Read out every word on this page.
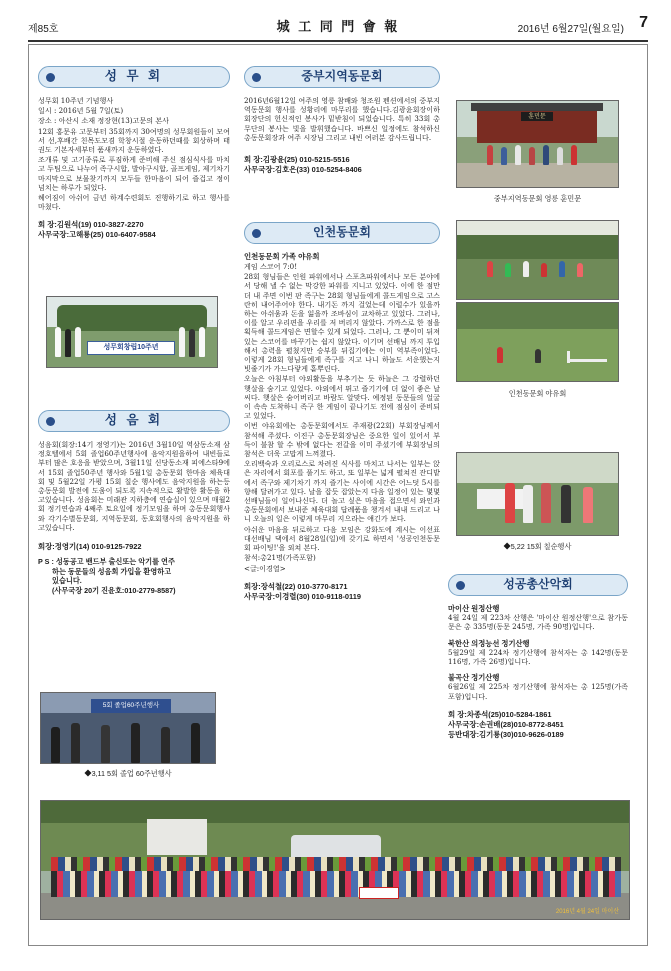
제85호	城 工 同 門 會 報	2016년 6월27일(월요일) 7
성 무 회

성무회 10주년 기념행사

일시 : 2016년 5월 7일(토)

장소 : 아산시 소재 정장현(13)고문의 본사

12회 홍문유 고문부터 35회까지 30여명의 성무회원들이 모여서 선,후배간 친목도모겸 학창시절 운동하던때를 회상하며 태권도 기본자세부터 품새까지 운동하였다.

조개류 및 고기종류로 푸짐하게 준비해 주신 점심식사를 마치고 두팀으로 나누어 족구시합, 발야구시합, 골프게임, 제기차기 마지막으로 보물찾기까지 모두들 한마음이 되어 즐겁고 정이 넘치는 하루가 되었다.

헤어짐이 아쉬어 금년 하계수련회도 진행하기로 하고 행사를 마쳤다.

회 장:김원석(19) 010-3827-2270
사무국장:고해룡(25) 010-6407-9584
성무회창립10주년
성 음 회

성음회(회장:14기 정영기)는 2016년 3월10일 역삼동소재 삼정호텔에서 5회 졸업60주년행사에 음악지원을하여 내빈들로부터 많은 호응을 받았으며, 3월11일 신당동소재 피에스타9에서 15회 졸업50주년 행사와 5월1일 총동문회 한마음 체육대회 및 5월22일 가평 15회 칠순 행사에도 음악지원을 하는등 총동문회 발전에 도움이 되도록 지속적으로 활발한 활동을 하고있습니다. 성음회는 미래관 지하층에 연습실이 있으며 매월2회 정기연습과 4째주 토요일에 정기모임을 하며 총동문회행사와 각기수별동문회, 지역동문회, 동호회행사의 음악지원을 하고있습니다.

회장:정영기(14) 010-9125-7922
P S : 성동공고 밴드부 출신또는 악기를 연주
하는 동문들의 성음회 가입을 환영하고
있습니다.
(사무국장 20기 진윤호:010-2779-8587)
5회 졸업60주년행사
◆3,11 5회 졸업 60주년행사
중부지역동문회

2016년6월12일 여주의 영릉 참배와 청조원 펜션에서의 중부지역동문회 행사를 성황리에 마무리를 했습니다.김광윤회장이하 회장단의 헌신적인 봉사가 밑받침이 되었습니다. 특히 33회 총무단의 봉사는 빛을 발휘했습니다. 바쁘신 일정에도 참석하신 총동문회장과 여주 시장님 그리고 내빈 여러분 감사드립니다.

회 장:김광윤(25) 010-5215-5516
사무국장:김호은(33) 010-5254-8406
인천동문회
인천동문회 가족 야유회

게임 스코어 7:0!

28회 형님들은 인원 파워에서나 스포츠파워에서나 모든 분야에서 당해 낼 수 없는 막강한 파워를 지니고 있었다. 이에 한 점만 더 내 주면 이번 판 족구는 28회 형님들에게 콜드게임으로 고스란히 내어주어야 한다. 내기돈 까지 걸었는데 이럴수가 있을까 하는 아쉬움과 돈을 잃을까 조바심이 교차하고 있었다. 그러나, 이를 알고 우리편을 우리를 저 버리지 않았다. 가까스로 한 점을 획득해 콜드게임은 면할수 있게 되었다. 그러나, 그 뿐이미 뒤져 있는 스코어를 바꾸기는 쉽지 않았다. 이기며 선배님 까지 투입해서 총력을 펼쳤지만 승부를 뒤집기에는 이미 역부족이었다. 이렇게 28회 형님들에게 족구를 지고 나니 하늘도 서운했는지 빗줄기가 가느다랗게 흩뿌린다.

오늘은 아침부터 야외활동을 부추기는 듯 하늘은 그 강렬하던 햇살을 숨기고 있었다. 야외에서 뛰고 즐기기에 더 없이 좋은 날씨다. 햇살은 숨어버리고 바람도 알맞다. 예정된 동문들의 얼굴이 속속 도착하니 족구 한 게임이 끝나기도 전에 점심이 준비되고 있었다.

이번 야유회에는 총동문회에서도 주재광(22회) 부회장님께서 참석해 주셨다. 이진구 총동문회장님은 중요한 일이 있어서 부득이 불참 할 수 밖에 없다는 전갈을 이미 주셨기에 부회장님의 참석은 더욱 고맙게 느껴졌다.

오리백숙과 오리로스로 차려진 식사를 마치고 나서는 일부는 앉은 자리에서 회포를 풀기도 하고, 또 일부는 넓게 펼쳐진 잔디밭에서 족구와 제기차기 까지 즐기는 사이에 시간은 어느덧 5시를 향해 달려가고 있다. 날을 잡듯 잡았는지 다음 일정이 있는 몇몇 선배님들이 일어나신다. 더 놀고 싶은 마음을 접으면서 와인과 총동문회에서 보내준 체육대회 답례품을 챙겨서 내내 드리고 나니 오늘의 일은 이렇게 마무리 지으라는 얘긴가 보다.

아쉬운 마음을 뒤로하고 다음 모임은 강화도에 계시는 이선표 대선배님 댁에서 8월28일(일)에 갖기로 하면서 '성공인천동문회 파이팅!'을 외쳐 본다.

참석:총21명(가족포함)

<글:이경열>

회장:장석철(22) 010-3770-8171
사무국장:이경렬(30) 010-9118-0119
훈민문
중부지역동문회 영릉 훈민문
인천동문회 야유회
◆5,22 15회 칠순행사
성공총산악회
마이산 원정산행

4월 24일 제 223차 산행은 '마이산 원정산행'으로 참가동문은 총 335명(동문 245명, 가족 90명)입니다.

북한산 의정능선 정기산행

5월29일 제 224차 정기산행에 참석자는 총 142명(동문 116명, 가족 26명)입니다.

불곡산 정기산행

6월26일 제 225차 정기산행에 참석자는 총 125명(가족포함)입니다.

회 장:차종석(25)010-5284-1861
사무국장:손권배(28)010-8772-8451
등반대장:김기룡(30)010-9626-0189
2016년 4월 24일 마이산
